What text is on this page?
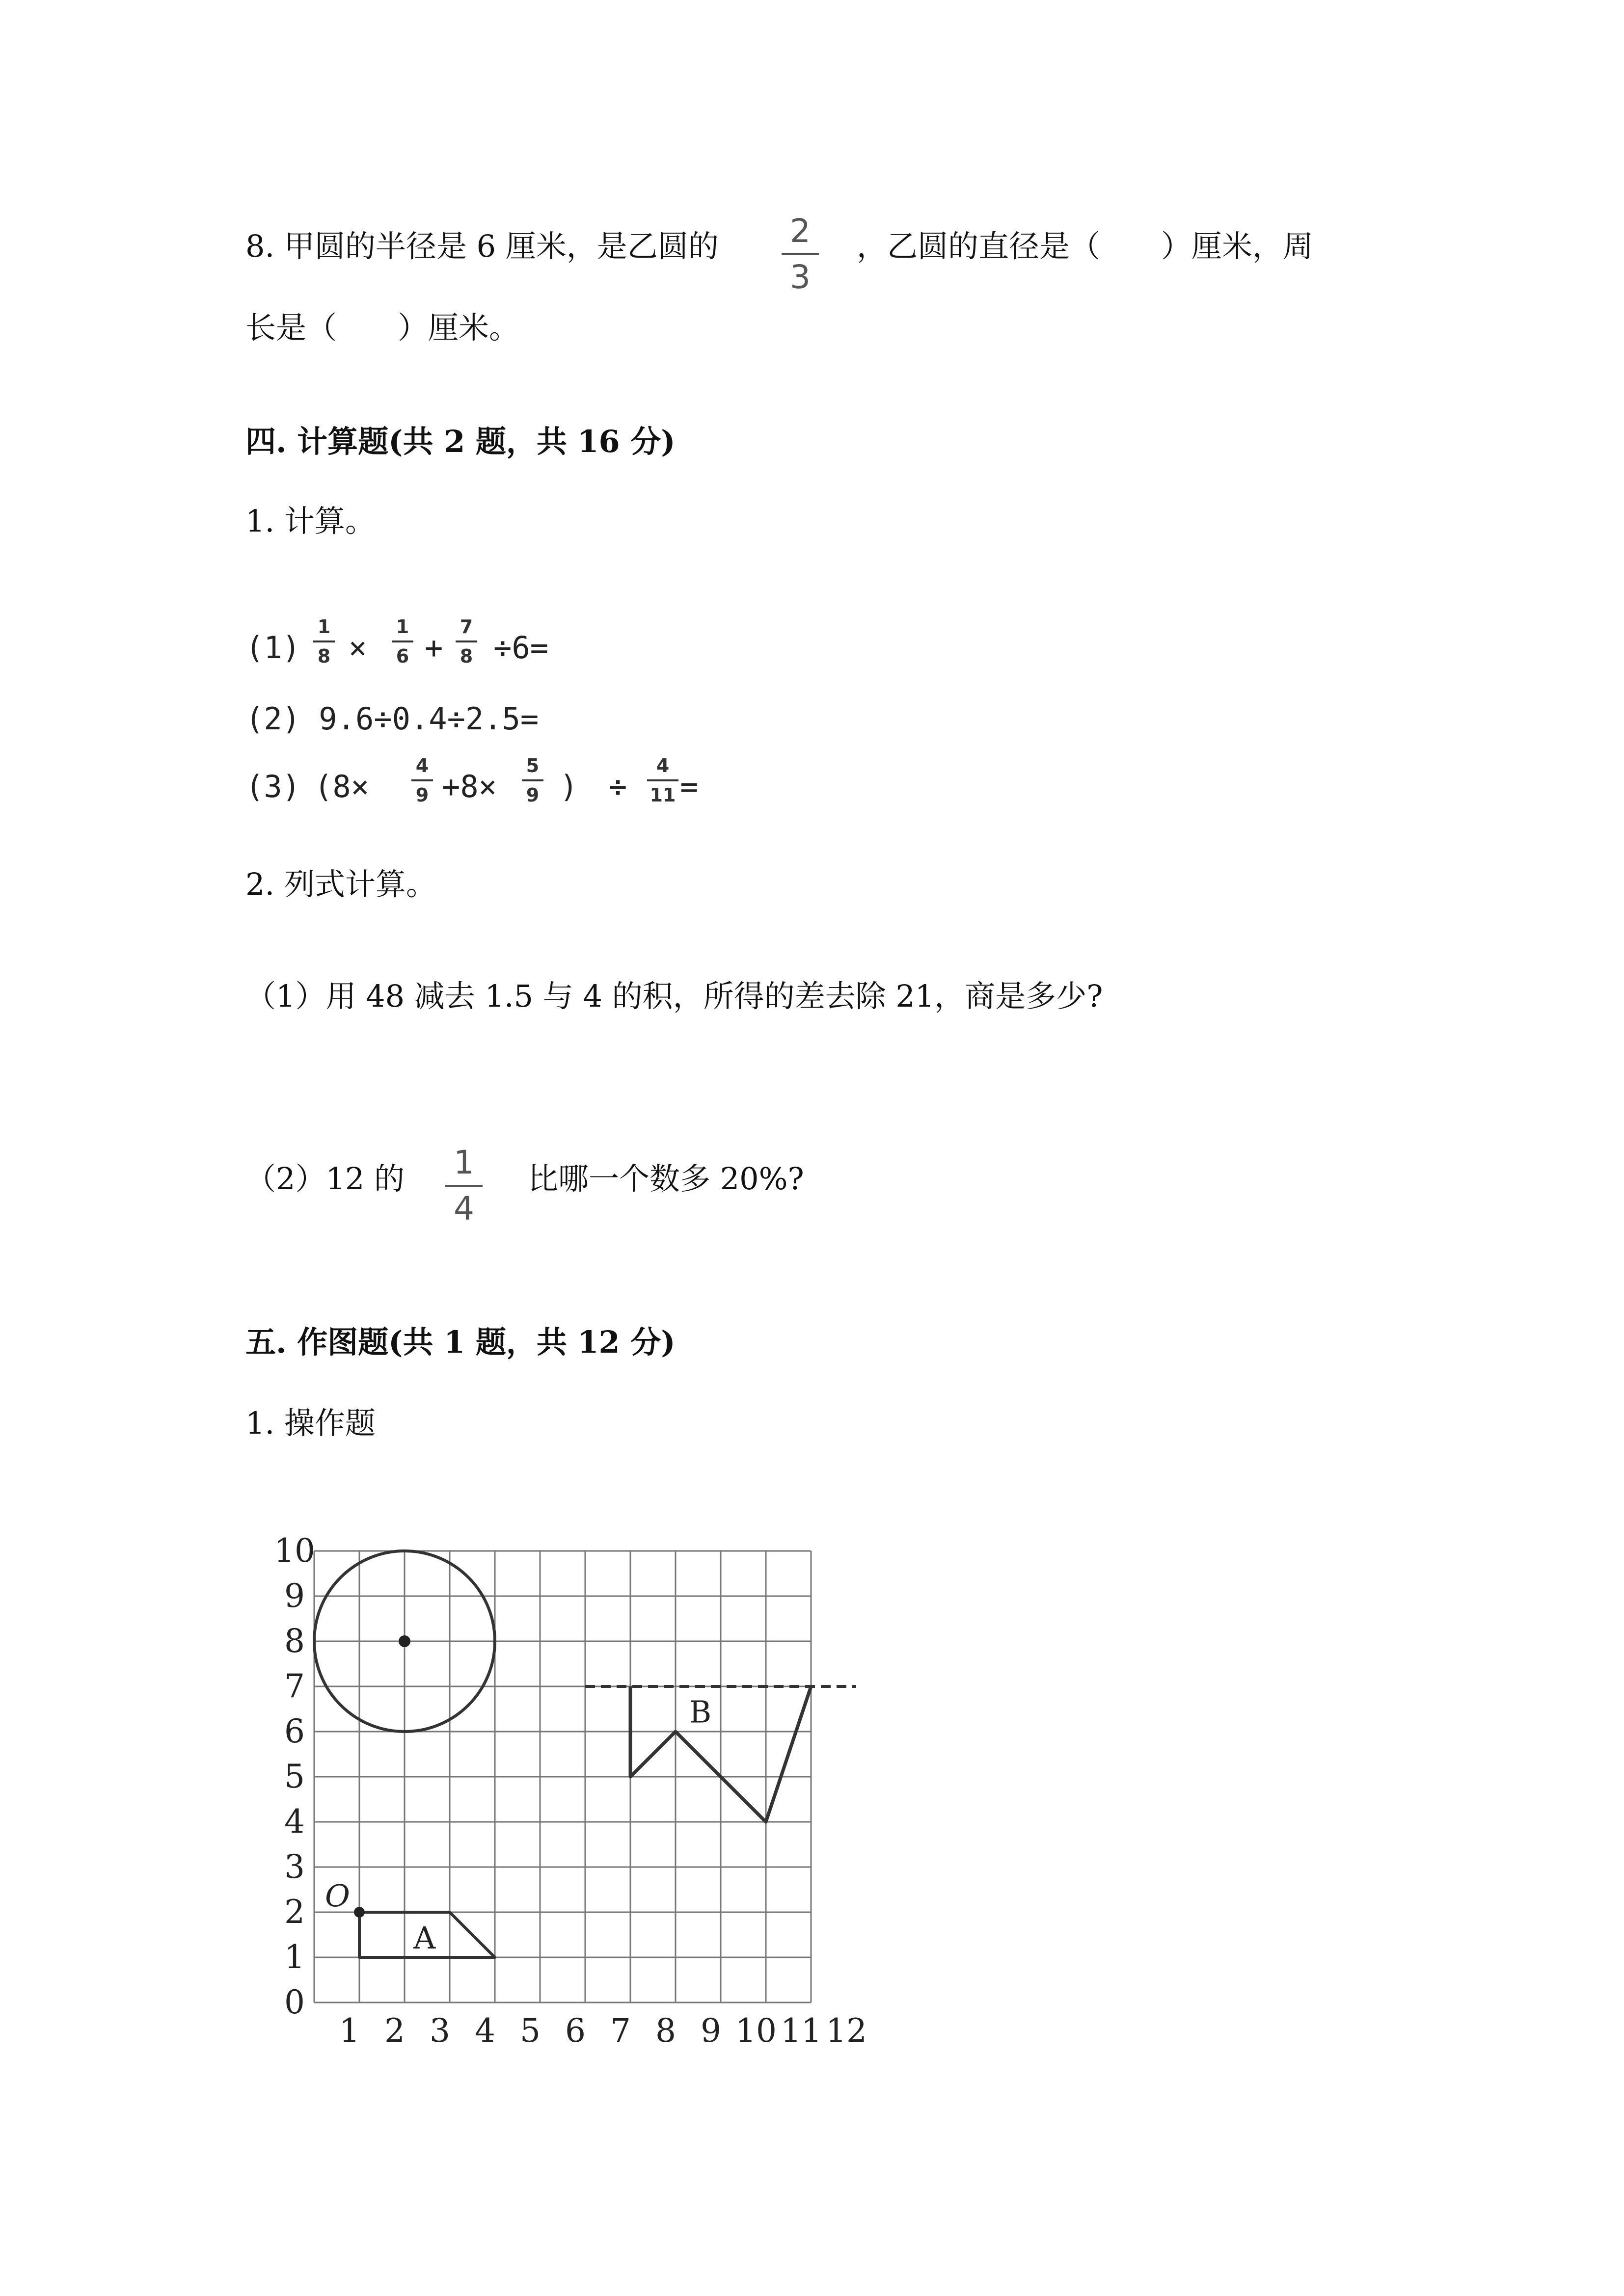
8. 甲圆的半径是 6 厘米，是乙圆的	2
3
，乙圆的直径是（　　）厘米，周
长是（　　）厘米。
四. 计算题(共 2 题，共 16 分)
1. 计算。
(1)
1
8 ×
1
6 +
7
8 ÷6=
(2) 9.6÷0.4÷2.5=
(3) (8×
4
9 +8×
5
9 ) ÷
4
11 =
2. 列式计算。
（1）用 48 减去 1.5 与 4 的积，所得的差去除 21，商是多少?
（2）12 的	1
4
比哪一个数多 20%?
五. 作图题(共 1 题，共 12 分)
1. 操作题
0
1
2
3
4
5
6
7
8
9
10
1 2 3 4 5 6 7 8 9 10 11 12
O
A
B
